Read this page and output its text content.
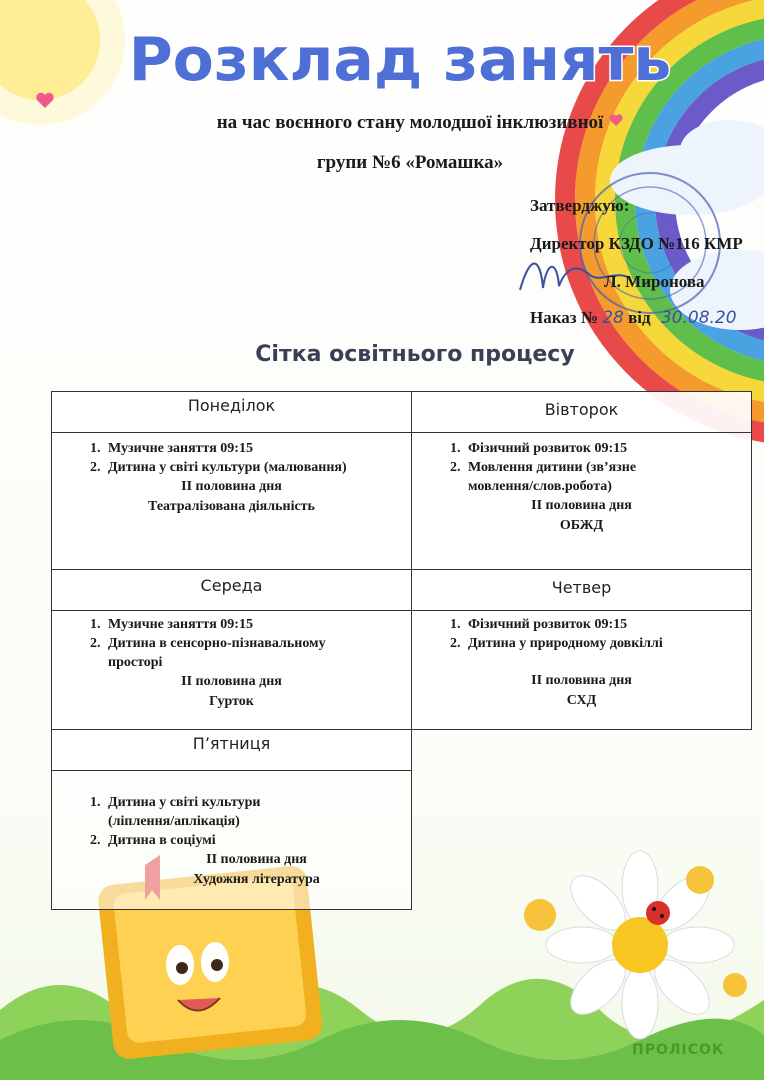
Розклад занять
на час воєнного стану молодшої інклюзивної
групи №6 «Ромашка»
Затверджую:
Директор КЗДО №116 КМР
Л. Миронова
Наказ № 28 від 30.08.20
Сітка освітнього процесу
Понеділок
1. Музичне заняття 09:15
2. Дитина у світі культури (малювання)
ІІ половина дня
Театралізована діяльність
Вівторок
1. Фізичний розвиток 09:15
2. Мовлення дитини (зв’язне мовлення/слов.робота)
ІІ половина дня
ОБЖД
Середа
1. Музичне заняття 09:15
2. Дитина в сенсорно-пізнавальному просторі
ІІ половина дня
Гурток
Четвер
1. Фізичний розвиток 09:15
2. Дитина у природному довкіллі
ІІ половина дня
СХД
П’ятниця
1. Дитина у світі культури (ліплення/аплікація)
2. Дитина в соціумі
ІІ половина дня
Художня література
ПРОЛІСОК
